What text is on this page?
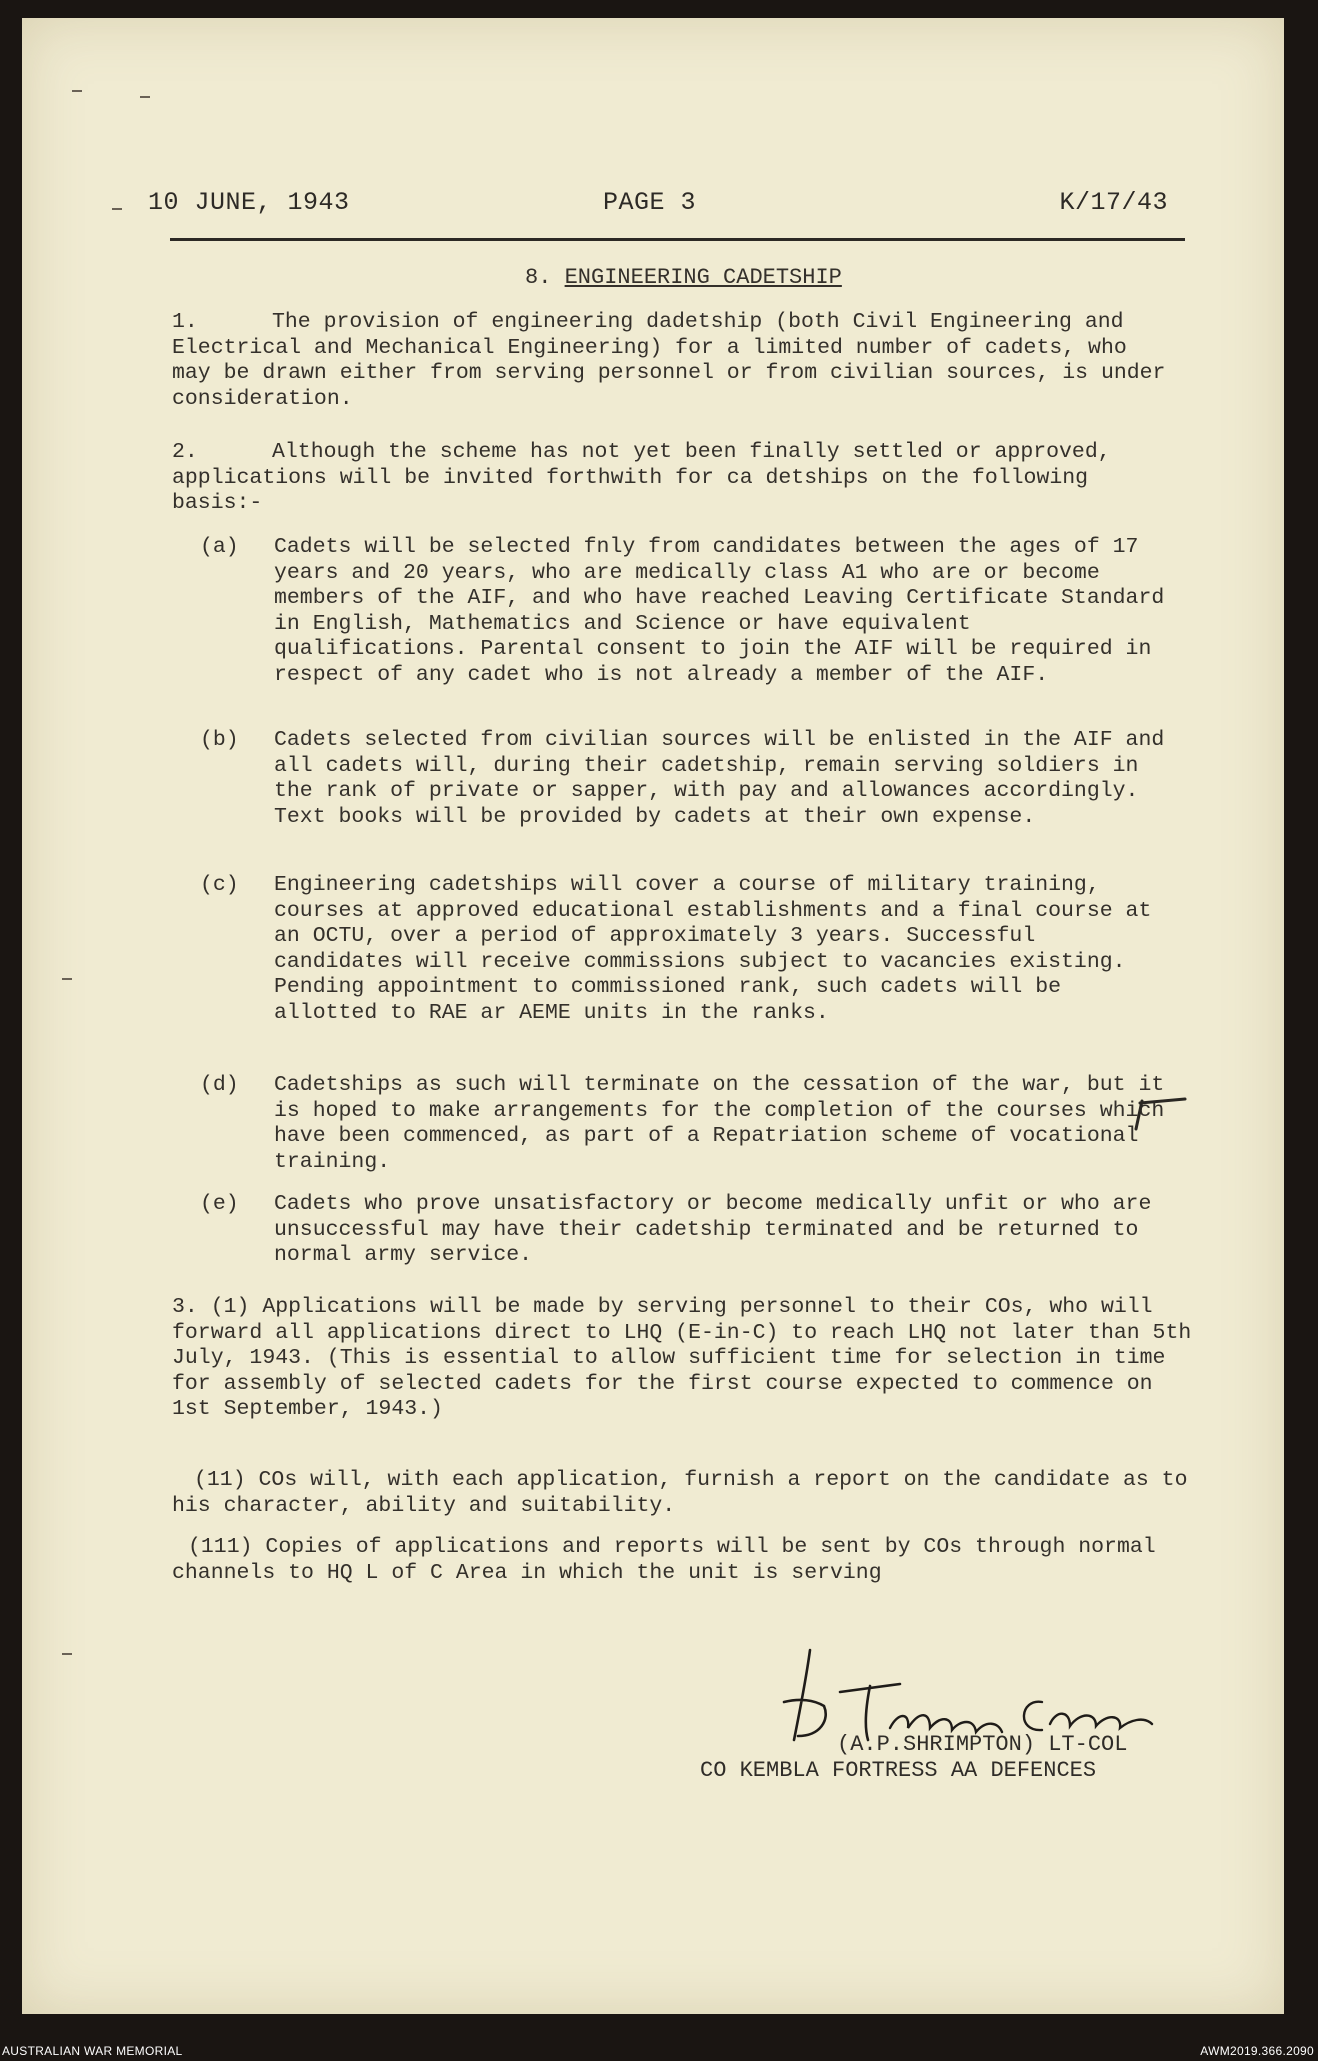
10 JUNE, 1943	PAGE 3	K/17/43
8. ENGINEERING CADETSHIP
1.	The provision of engineering dadetship (both Civil Engineering and Electrical and Mechanical Engineering) for a limited number of cadets, who may be drawn either from serving personnel or from civilian sources, is under consideration.

2.	Although the scheme has not yet been finally settled or approved, applications will be invited forthwith for ca detships on the following basis:-

(a) Cadets will be selected fnly from candidates between the ages of 17 years and 20 years, who are medically class A1 who are or become members of the AIF, and who have reached Leaving Certificate Standard in English, Mathematics and Science or have equivalent qualifications. Parental consent to join the AIF will be required in respect of any cadet who is not already a member of the AIF.

(b) Cadets selected from civilian sources will be enlisted in the AIF and all cadets will, during their cadetship, remain serving soldiers in the rank of private or sapper, with pay and allowances accordingly. Text books will be provided by cadets at their own expense.

(c) Engineering cadetships will cover a course of military training, courses at approved educational establishments and a final course at an OCTU, over a period of approximately 3 years. Successful candidates will receive commissions subject to vacancies existing. Pending appointment to commissioned rank, such cadets will be allotted to RAE ar AEME units in the ranks.

(d) Cadetships as such will terminate on the cessation of the war, but it is hoped to make arrangements for the completion of the courses which have been commenced, as part of a Repatriation scheme of vocational training.

(e) Cadets who prove unsatisfactory or become medically unfit or who are unsuccessful may have their cadetship terminated and be returned to normal army service.

3. (1) Applications will be made by serving personnel to their COs, who will forward all applications direct to LHQ (E-in-C) to reach LHQ not later than 5th July, 1943. (This is essential to allow sufficient time for selection in time for assembly of selected cadets for the first course expected to commence on 1st September, 1943.)

(11) COs will, with each application, furnish a report on the candidate as to his character, ability and suitability.

(111) Copies of applications and reports will be sent by COs through normal channels to HQ L of C Area in which the unit is serving

(A.P.SHRIMPTON) LT-COL
CO KEMBLA FORTRESS AA DEFENCES
AUSTRALIAN WAR MEMORIAL	AWM2019.366.2090
